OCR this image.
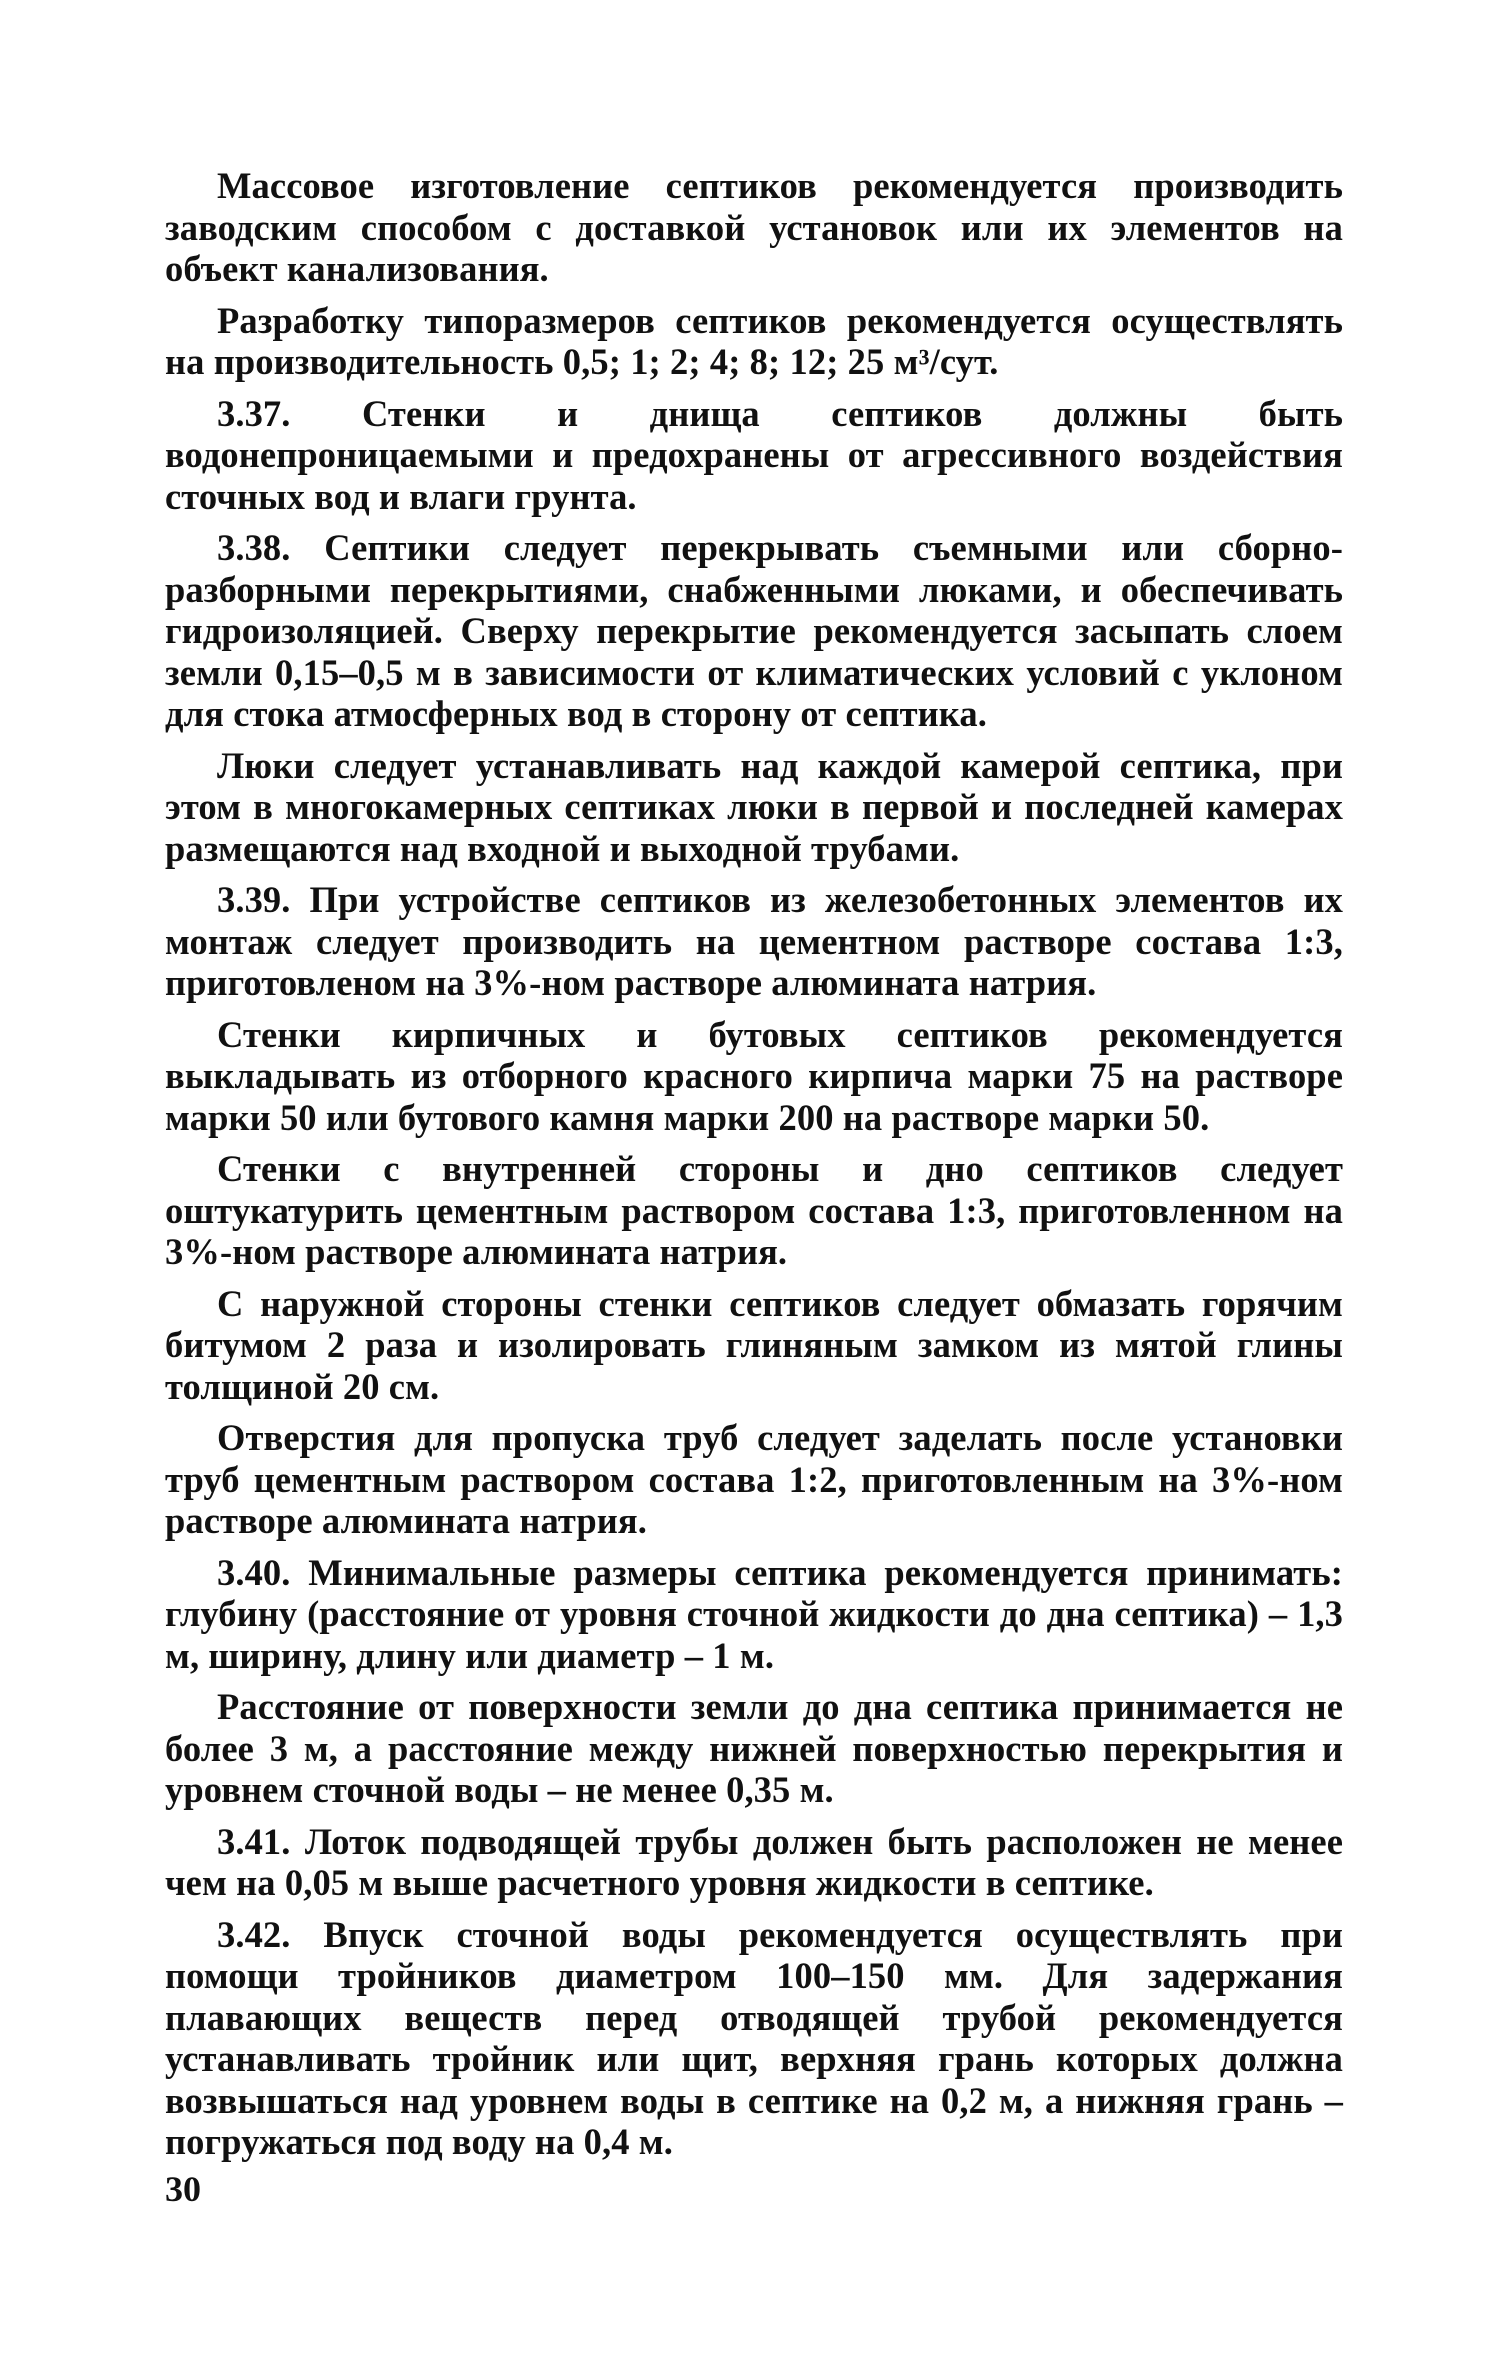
Массовое изготовление септиков рекомендуется производить заводским способом с доставкой установок или их элементов на объект канализования.

Разработку типоразмеров септиков рекомендуется осуществлять на производительность 0,5; 1; 2; 4; 8; 12; 25 м³/сут.

3.37. Стенки и днища септиков должны быть водонепроницаемыми и предохранены от агрессивного воздействия сточных вод и влаги грунта.

3.38. Септики следует перекрывать съемными или сборно-разборными перекрытиями, снабженными люками, и обеспечивать гидроизоляцией. Сверху перекрытие рекомендуется засыпать слоем земли 0,15–0,5 м в зависимости от климатических условий с уклоном для стока атмосферных вод в сторону от септика.

Люки следует устанавливать над каждой камерой септика, при этом в многокамерных септиках люки в первой и последней камерах размещаются над входной и выходной трубами.

3.39. При устройстве септиков из железобетонных элементов их монтаж следует производить на цементном растворе состава 1:3, приготовленом на 3%-ном растворе алюмината натрия.

Стенки кирпичных и бутовых септиков рекомендуется выкладывать из отборного красного кирпича марки 75 на растворе марки 50 или бутового камня марки 200 на растворе марки 50.

Стенки с внутренней стороны и дно септиков следует оштукатурить цементным раствором состава 1:3, приготовленном на 3%-ном растворе алюмината натрия.

С наружной стороны стенки септиков следует обмазать горячим битумом 2 раза и изолировать глиняным замком из мятой глины толщиной 20 см.

Отверстия для пропуска труб следует заделать после установки труб цементным раствором состава 1:2, приготовленным на 3%-ном растворе алюмината натрия.

3.40. Минимальные размеры септика рекомендуется принимать: глубину (расстояние от уровня сточной жидкости до дна септика) – 1,3 м, ширину, длину или диаметр – 1 м.

Расстояние от поверхности земли до дна септика принимается не более 3 м, а расстояние между нижней поверхностью перекрытия и уровнем сточной воды – не менее 0,35 м.

3.41. Лоток подводящей трубы должен быть расположен не менее чем на 0,05 м выше расчетного уровня жидкости в септике.

3.42. Впуск сточной воды рекомендуется осуществлять при помощи тройников диаметром 100–150 мм. Для задержания плавающих веществ перед отводящей трубой рекомендуется устанавливать тройник или щит, верхняя грань которых должна возвышаться над уровнем воды в септике на 0,2 м, а нижняя грань – погружаться под воду на 0,4 м.

30
